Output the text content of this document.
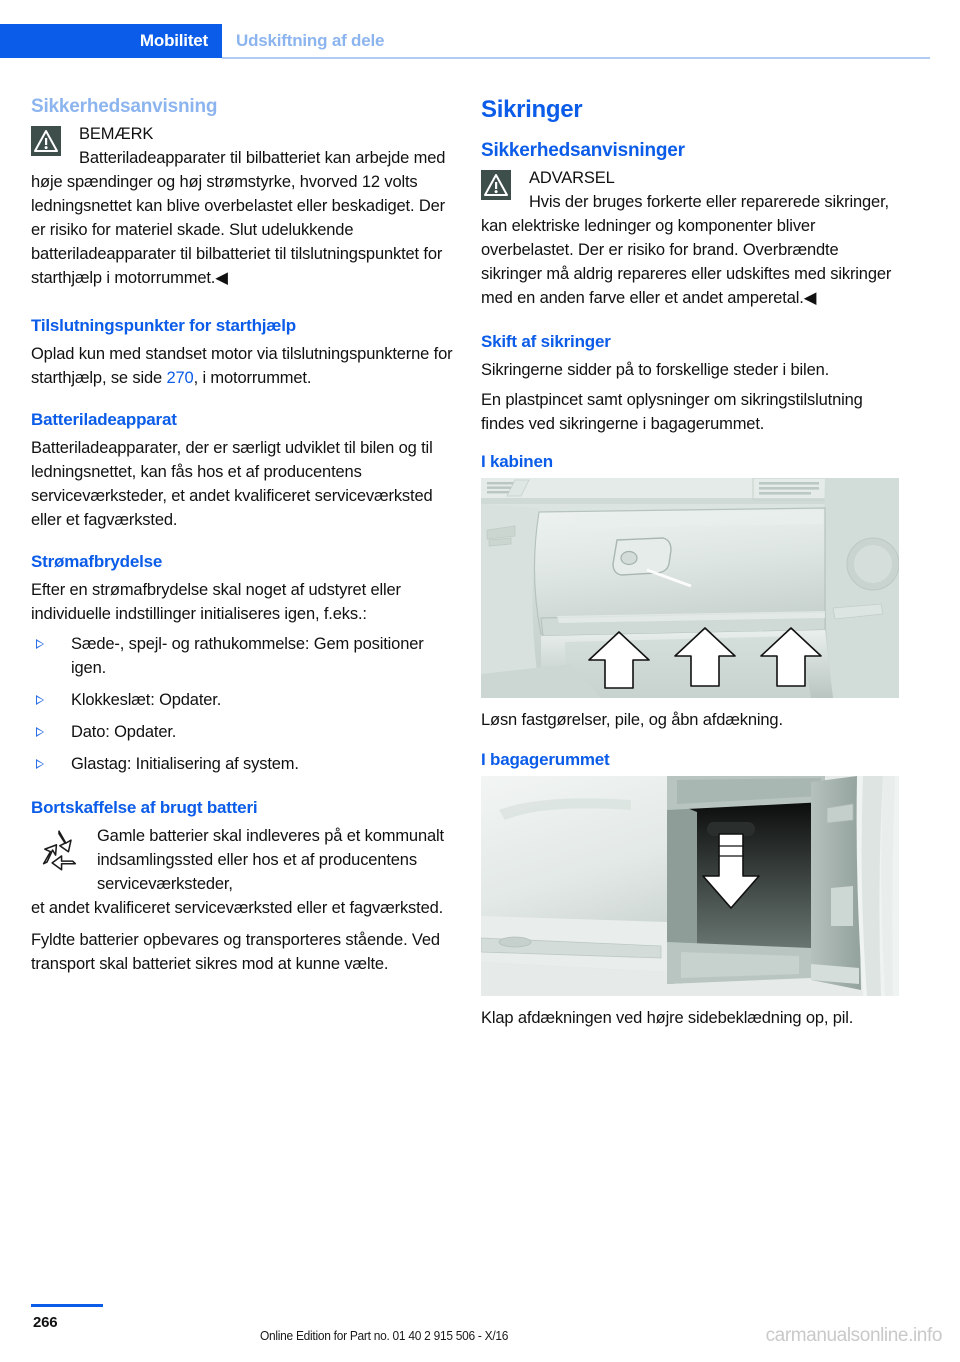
Mobilitet	Udskiftning af dele
Sikkerhedsanvisning

BEMÆRK

Batteriladeapparater til bilbatteriet kan arbejde med høje spændinger og høj strømstyrke, hvorved 12 volts ledningsnettet kan blive overbelastet eller beskadiget. Der er risiko for materiel skade. Slut udelukkende batteriladeapparater til bilbatteriet til tilslutningspunktet for starthjælp i motorrummet.◀

Tilslutningspunkter for starthjælp

Oplad kun med standset motor via tilslutningspunkterne for starthjælp, se side 270, i motorrummet.

Batteriladeapparat

Batteriladeapparater, der er særligt udviklet til bilen og til ledningsnettet, kan fås hos et af producentens serviceværksteder, et andet kvalificeret serviceværksted eller et fagværksted.

Strømafbrydelse

Efter en strømafbrydelse skal noget af udstyret eller individuelle indstillinger initialiseres igen, f.eks.:

Sæde-, spejl- og rathukommelse: Gem positioner igen.
Klokkeslæt: Opdater.
Dato: Opdater.
Glastag: Initialisering af system.
Bortskaffelse af brugt batteri

Gamle batterier skal indleveres på et kommunalt indsamlingssted eller hos et af producentens serviceværksteder,

et andet kvalificeret serviceværksted eller et fagværksted.

Fyldte batterier opbevares og transporteres stående. Ved transport skal batteriet sikres mod at kunne vælte.

Sikringer
Sikkerhedsanvisninger

ADVARSEL

Hvis der bruges forkerte eller reparerede sikringer, kan elektriske ledninger og komponenter bliver overbelastet. Der er risiko for brand. Overbrændte sikringer må aldrig repareres eller udskiftes med sikringer med en anden farve eller et andet amperetal.◀

Skift af sikringer

Sikringerne sidder på to forskellige steder i bilen.

En plastpincet samt oplysninger om sikringstilslutning findes ved sikringerne i bagagerummet.

I kabinen
Løsn fastgørelser, pile, og åbn afdækning.
I bagagerummet
Klap afdækningen ved højre sidebeklædning op, pil.
266
Online Edition for Part no. 01 40 2 915 506 - X/16	carmanualsonline.info
